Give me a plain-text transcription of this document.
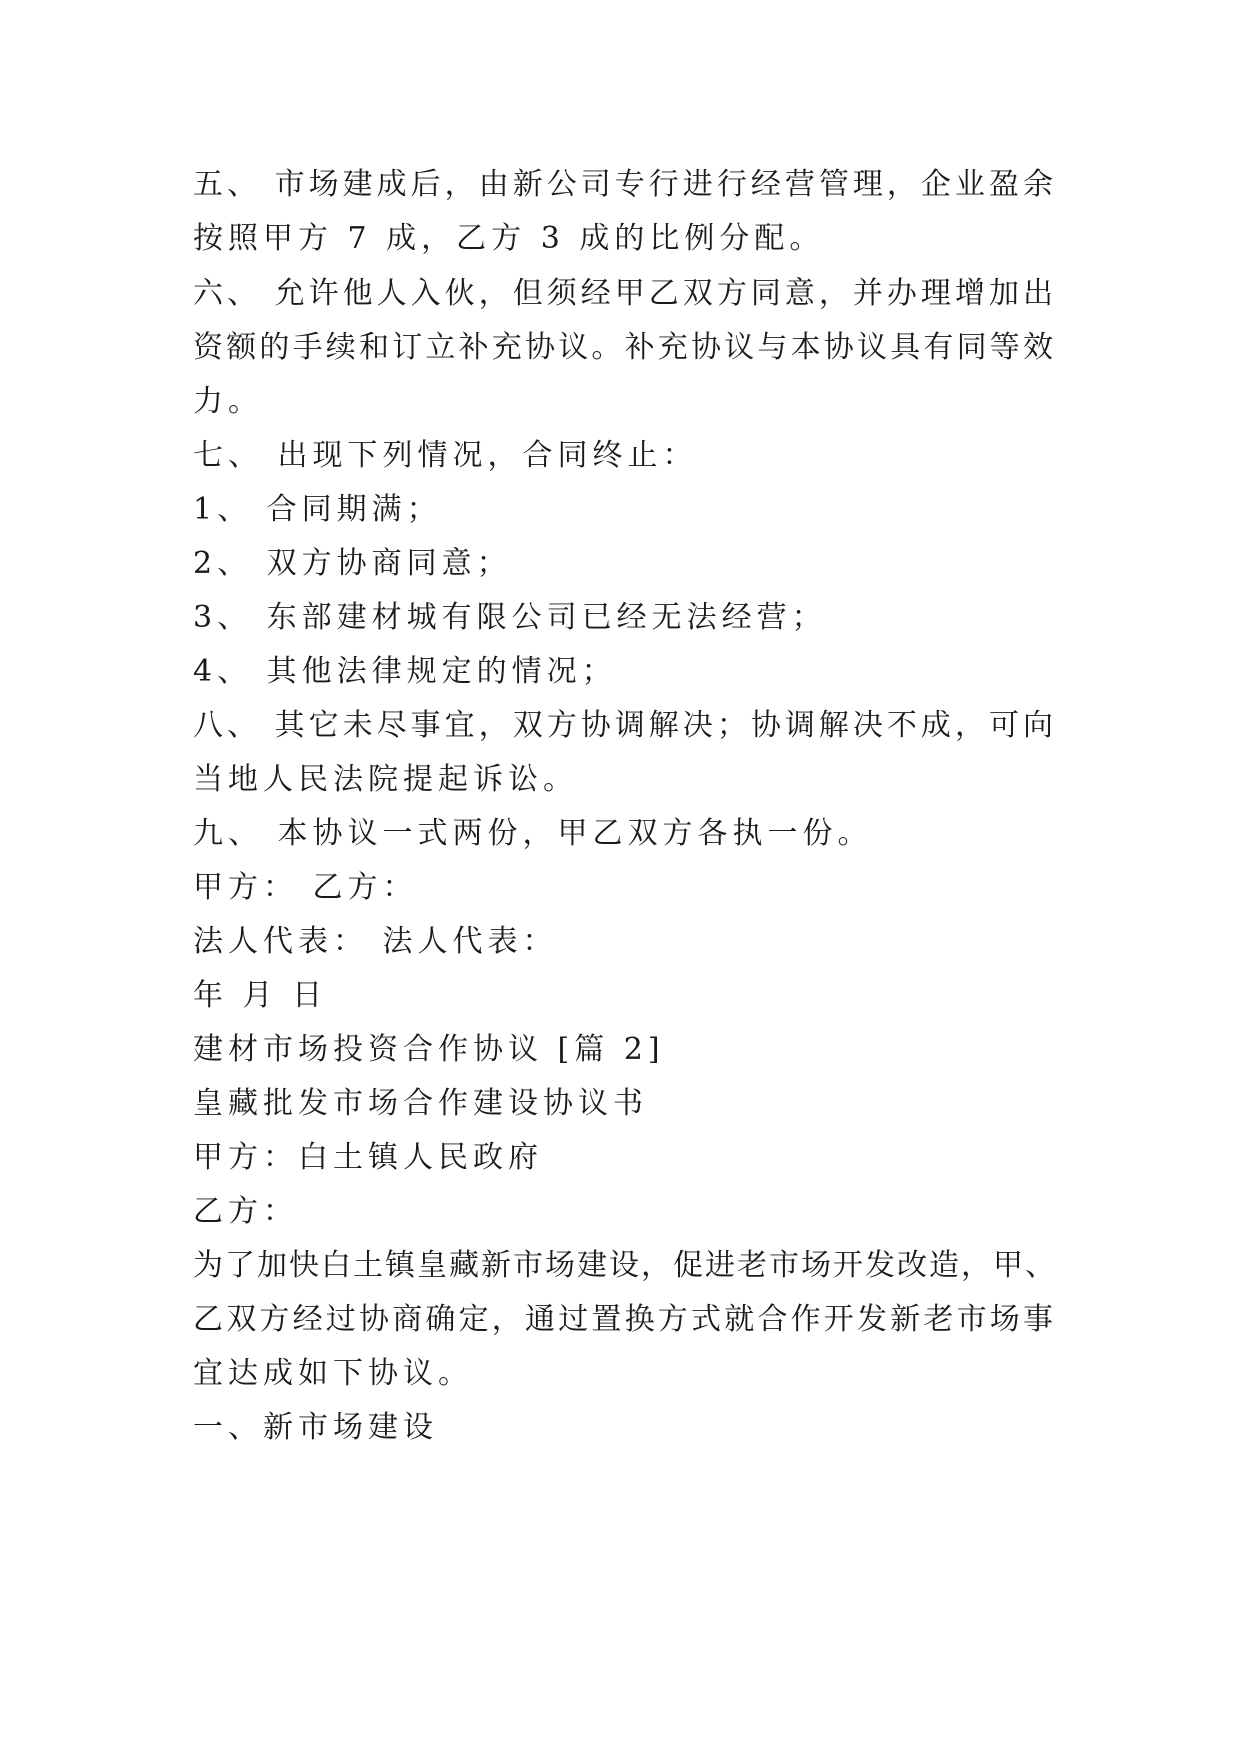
五、 市场建成后，由新公司专行进行经营管理，企业盈余

按照甲方 7 成，乙方 3 成的比例分配。

六、 允许他人入伙，但须经甲乙双方同意，并办理增加出

资额的手续和订立补充协议。补充协议与本协议具有同等效

力。

七、 出现下列情况，合同终止：

1、 合同期满；

2、 双方协商同意；

3、 东部建材城有限公司已经无法经营；

4、 其他法律规定的情况；

八、 其它未尽事宜，双方协调解决；协调解决不成，可向

当地人民法院提起诉讼。

九、 本协议一式两份，甲乙双方各执一份。

甲方： 乙方：

法人代表： 法人代表：

年 月 日

建材市场投资合作协议 [篇 2]

皇藏批发市场合作建设协议书

甲方：白土镇人民政府

乙方：

为了加快白土镇皇藏新市场建设，促进老市场开发改造，甲、

乙双方经过协商确定，通过置换方式就合作开发新老市场事

宜达成如下协议。

一、新市场建设
